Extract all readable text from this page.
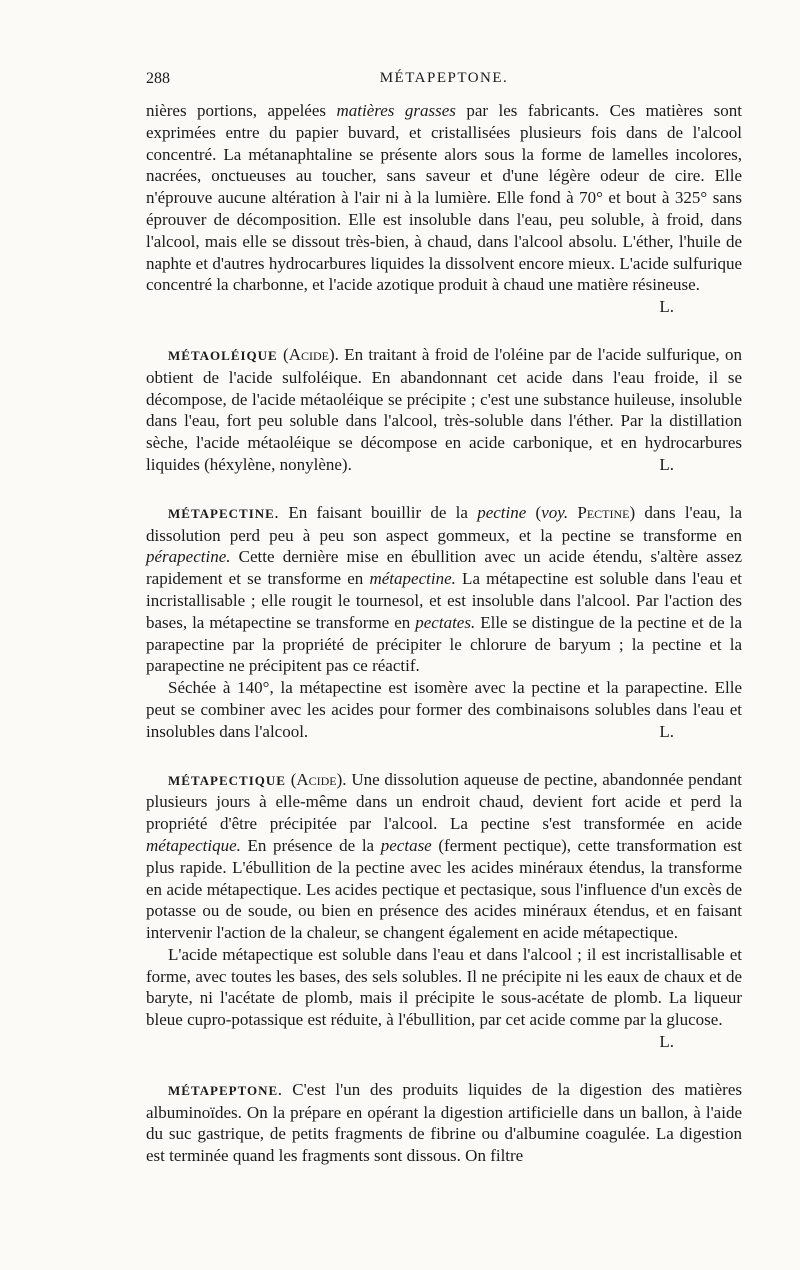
288	MÉTAPEPTONE.

nières portions, appelées matières grasses par les fabricants. Ces matières sont exprimées entre du papier buvard, et cristallisées plusieurs fois dans de l'alcool concentré. La métanaphtaline se présente alors sous la forme de lamelles incolores, nacrées, onctueuses au toucher, sans saveur et d'une légère odeur de cire. Elle n'éprouve aucune altération à l'air ni à la lumière. Elle fond à 70° et bout à 325° sans éprouver de décomposition. Elle est insoluble dans l'eau, peu soluble, à froid, dans l'alcool, mais elle se dissout très-bien, à chaud, dans l'alcool absolu. L'éther, l'huile de naphte et d'autres hydrocarbures liquides la dissolvent encore mieux. L'acide sulfurique concentré la charbonne, et l'acide azotique produit à chaud une matière résineuse.
L.

MÉTAOLÉIQUE (Acide). En traitant à froid de l'oléine par de l'acide sulfurique, on obtient de l'acide sulfoléique. En abandonnant cet acide dans l'eau froide, il se décompose, de l'acide métaoléique se précipite ; c'est une substance huileuse, insoluble dans l'eau, fort peu soluble dans l'alcool, très-soluble dans l'éther. Par la distillation sèche, l'acide métaoléique se décompose en acide carbonique, et en hydrocarbures liquides (héxylène, nonylène).	L.

MÉTAPECTINE. En faisant bouillir de la pectine (voy. Pectine) dans l'eau, la dissolution perd peu à peu son aspect gommeux, et la pectine se transforme en pérapectine. Cette dernière mise en ébullition avec un acide étendu, s'altère assez rapidement et se transforme en métapectine. La métapectine est soluble dans l'eau et incristallisable ; elle rougit le tournesol, et est insoluble dans l'alcool. Par l'action des bases, la métapectine se transforme en pectates. Elle se distingue de la pectine et de la parapectine par la propriété de précipiter le chlorure de baryum ; la pectine et la parapectine ne précipitent pas ce réactif.

Séchée à 140°, la métapectine est isomère avec la pectine et la parapectine. Elle peut se combiner avec les acides pour former des combinaisons solubles dans l'eau et insolubles dans l'alcool.	L.

MÉTAPECTIQUE (Acide). Une dissolution aqueuse de pectine, abandonnée pendant plusieurs jours à elle-même dans un endroit chaud, devient fort acide et perd la propriété d'être précipitée par l'alcool. La pectine s'est transformée en acide métapectique. En présence de la pectase (ferment pectique), cette transformation est plus rapide. L'ébullition de la pectine avec les acides minéraux étendus, la transforme en acide métapectique. Les acides pectique et pectasique, sous l'influence d'un excès de potasse ou de soude, ou bien en présence des acides minéraux étendus, et en faisant intervenir l'action de la chaleur, se changent également en acide métapectique.

L'acide métapectique est soluble dans l'eau et dans l'alcool ; il est incristallisable et forme, avec toutes les bases, des sels solubles. Il ne précipite ni les eaux de chaux et de baryte, ni l'acétate de plomb, mais il précipite le sous-acétate de plomb. La liqueur bleue cupro-potassique est réduite, à l'ébullition, par cet acide comme par la glucose.
L.

MÉTAPEPTONE. C'est l'un des produits liquides de la digestion des matières albuminoïdes. On la prépare en opérant la digestion artificielle dans un ballon, à l'aide du suc gastrique, de petits fragments de fibrine ou d'albumine coagulée. La digestion est terminée quand les fragments sont dissous. On filtre
